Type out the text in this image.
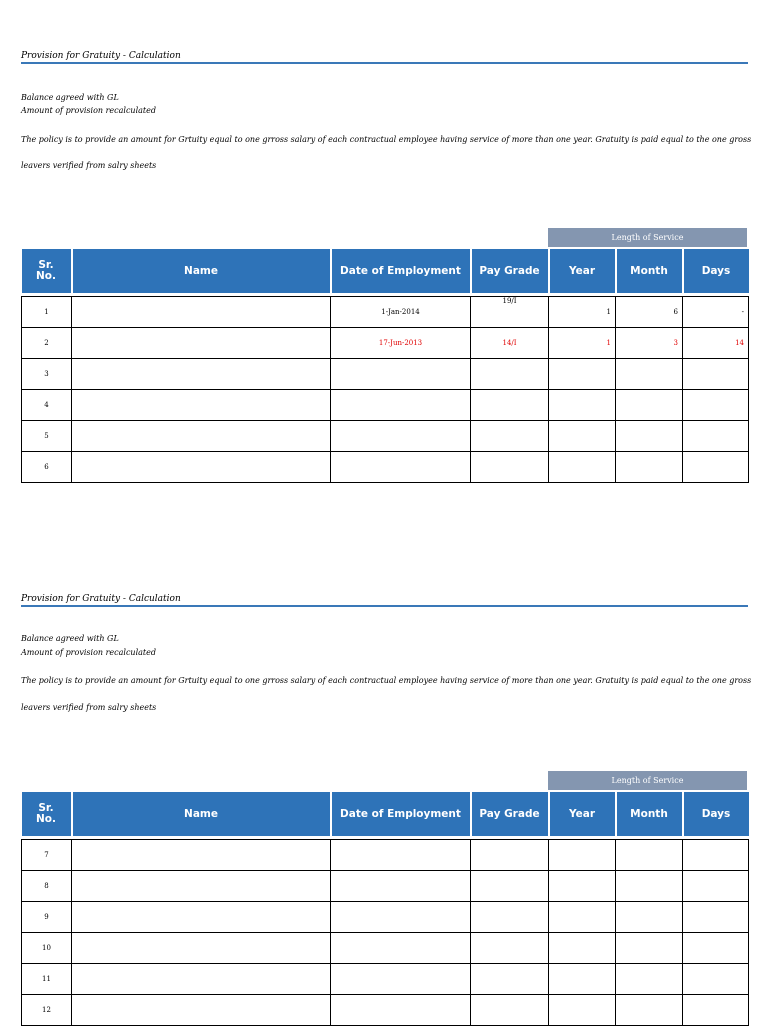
Provision for Gratuity - Calculation
Balance agreed with GL
Amount of provision recalculated
The policy is to provide an amount for Grtuity equal to one grross salary of each contractual employee having service of more than one year. Gratuity is paid equal to the one gross
leavers verified from salry sheets
Length of Service
Sr.
No.	Name	Date of Employment	Pay Grade	Year	Month	Days

1		1-Jan-2014	19/I	1	6	-
2		17-Jun-2013	14/I	1	3	14
3						
4						
5						
6						
Provision for Gratuity - Calculation
Balance agreed with GL
Amount of provision recalculated
The policy is to provide an amount for Grtuity equal to one grross salary of each contractual employee having service of more than one year. Gratuity is paid equal to the one gross
leavers verified from salry sheets
Length of Service
Sr.
No.	Name	Date of Employment	Pay Grade	Year	Month	Days

7						
8						
9						
10						
11						
12						
